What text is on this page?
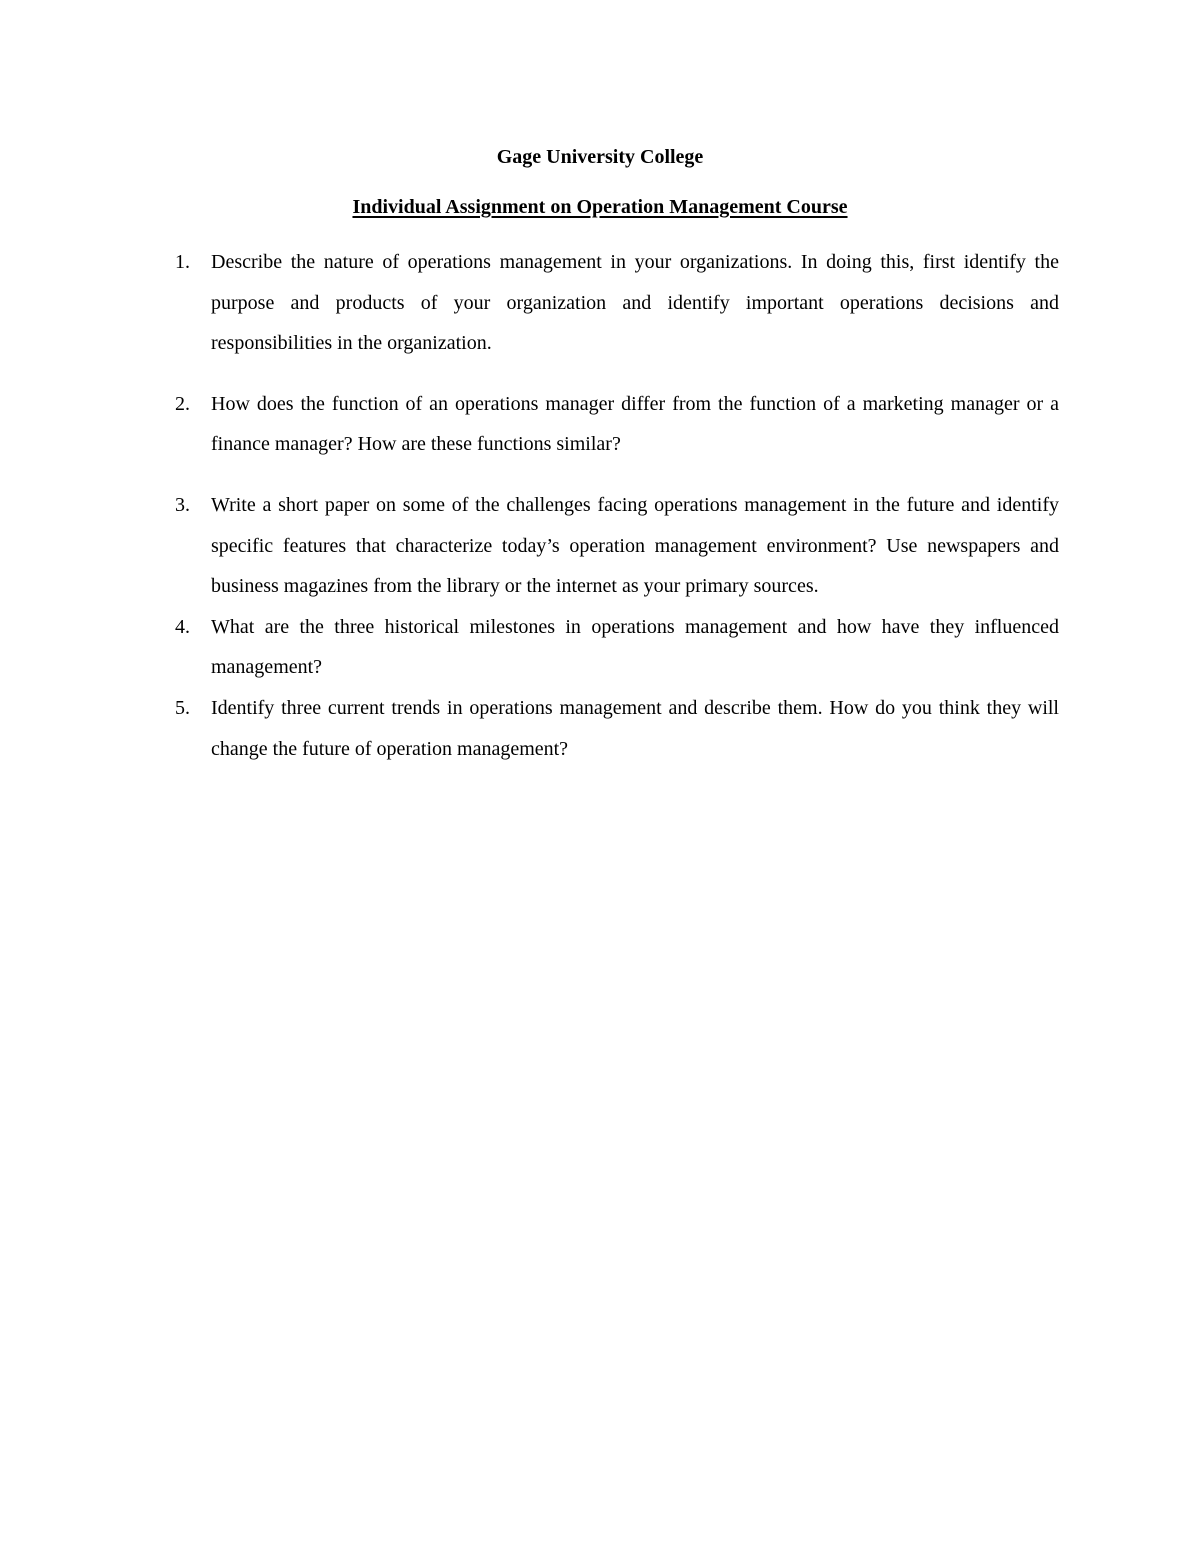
Gage University College
Individual Assignment on Operation Management Course
1. Describe the nature of operations management in your organizations. In doing this, first identify the purpose and products of your organization and identify important operations decisions and responsibilities in the organization.
2. How does the function of an operations manager differ from the function of a marketing manager or a finance manager? How are these functions similar?
3. Write a short paper on some of the challenges facing operations management in the future and identify specific features that characterize today’s operation management environment? Use newspapers and business magazines from the library or the internet as your primary sources.
4. What are the three historical milestones in operations management and how have they influenced management?
5. Identify three current trends in operations management and describe them. How do you think they will change the future of operation management?
